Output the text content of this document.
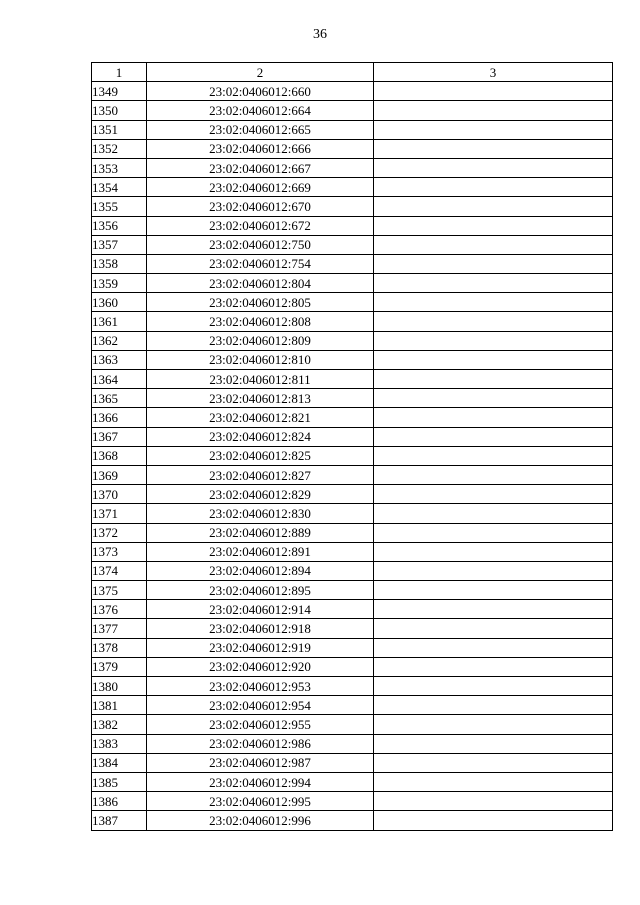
36
1	2	3
1349	23:02:0406012:660	
1350	23:02:0406012:664	
1351	23:02:0406012:665	
1352	23:02:0406012:666	
1353	23:02:0406012:667	
1354	23:02:0406012:669	
1355	23:02:0406012:670	
1356	23:02:0406012:672	
1357	23:02:0406012:750	
1358	23:02:0406012:754	
1359	23:02:0406012:804	
1360	23:02:0406012:805	
1361	23:02:0406012:808	
1362	23:02:0406012:809	
1363	23:02:0406012:810	
1364	23:02:0406012:811	
1365	23:02:0406012:813	
1366	23:02:0406012:821	
1367	23:02:0406012:824	
1368	23:02:0406012:825	
1369	23:02:0406012:827	
1370	23:02:0406012:829	
1371	23:02:0406012:830	
1372	23:02:0406012:889	
1373	23:02:0406012:891	
1374	23:02:0406012:894	
1375	23:02:0406012:895	
1376	23:02:0406012:914	
1377	23:02:0406012:918	
1378	23:02:0406012:919	
1379	23:02:0406012:920	
1380	23:02:0406012:953	
1381	23:02:0406012:954	
1382	23:02:0406012:955	
1383	23:02:0406012:986	
1384	23:02:0406012:987	
1385	23:02:0406012:994	
1386	23:02:0406012:995	
1387	23:02:0406012:996	
